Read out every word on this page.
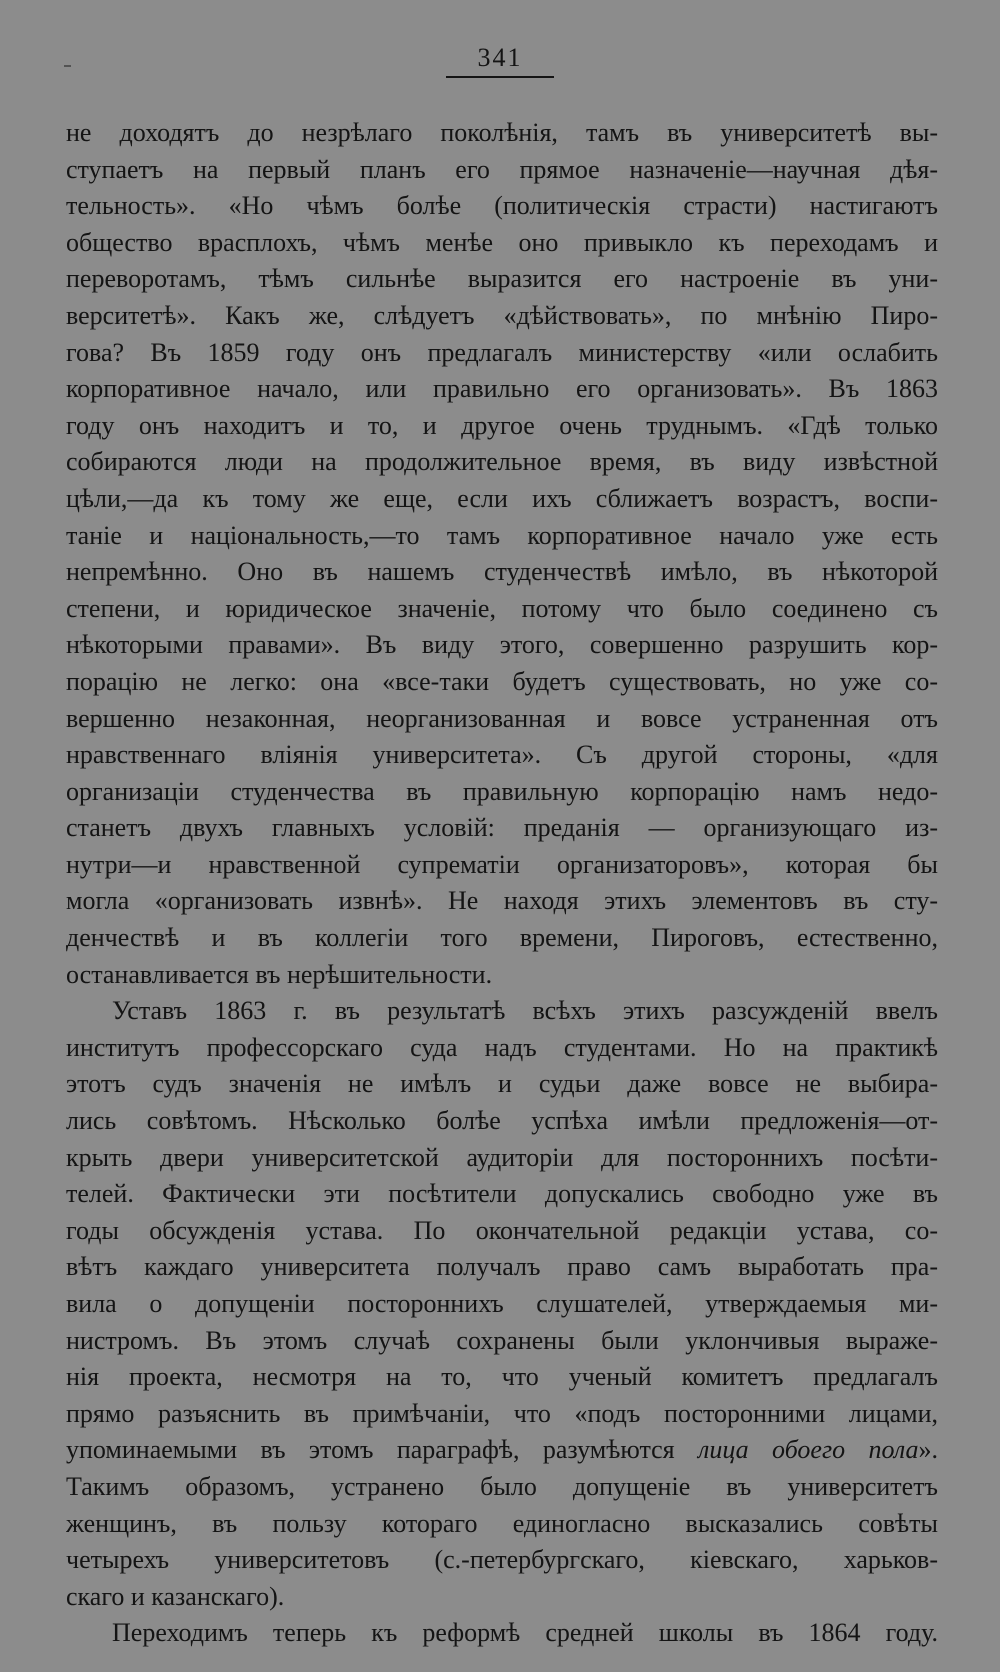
341
не доходятъ до незрѣлаго поколѣнія, тамъ въ университетѣ вы-
ступаетъ на первый планъ его прямое назначеніе—научная дѣя-
тельность». «Но чѣмъ болѣе (политическія страсти) настигаютъ
общество врасплохъ, чѣмъ менѣе оно привыкло къ переходамъ и
переворотамъ, тѣмъ сильнѣе выразится его настроеніе въ уни-
верситетѣ». Какъ же, слѣдуетъ «дѣйствовать», по мнѣнію Пиро-
гова? Въ 1859 году онъ предлагалъ министерству «или ослабить
корпоративное начало, или правильно его организовать». Въ 1863
году онъ находитъ и то, и другое очень труднымъ. «Гдѣ только
собираются люди на продолжительное время, въ виду извѣстной
цѣли,—да къ тому же еще, если ихъ сближаетъ возрастъ, воспи-
таніе и національность,—то тамъ корпоративное начало уже есть
непремѣнно. Оно въ нашемъ студенчествѣ имѣло, въ нѣкоторой
степени, и юридическое значеніе, потому что было соединено съ
нѣкоторыми правами». Въ виду этого, совершенно разрушить кор-
порацію не легко: она «все-таки будетъ существовать, но уже со-
вершенно незаконная, неорганизованная и вовсе устраненная отъ
нравственнаго вліянія университета». Съ другой стороны, «для
организаціи студенчества въ правильную корпорацію намъ недо-
станетъ двухъ главныхъ условій: преданія — организующаго из-
нутри—и нравственной супрематіи организаторовъ», которая бы
могла «организовать извнѣ». Не находя этихъ элементовъ въ сту-
денчествѣ и въ коллегіи того времени, Пироговъ, естественно,
останавливается въ нерѣшительности.
Уставъ 1863 г. въ результатѣ всѣхъ этихъ разсужденій ввелъ
институтъ профессорскаго суда надъ студентами. Но на практикѣ
этотъ судъ значенія не имѣлъ и судьи даже вовсе не выбира-
лись совѣтомъ. Нѣсколько болѣе успѣха имѣли предложенія—от-
крыть двери университетской аудиторіи для постороннихъ посѣти-
телей. Фактически эти посѣтители допускались свободно уже въ
годы обсужденія устава. По окончательной редакціи устава, со-
вѣтъ каждаго университета получалъ право самъ выработать пра-
вила о допущеніи постороннихъ слушателей, утверждаемыя ми-
нистромъ. Въ этомъ случаѣ сохранены были уклончивыя выраже-
нія проекта, несмотря на то, что ученый комитетъ предлагалъ
прямо разъяснить въ примѣчаніи, что «подъ посторонними лицами,
упоминаемыми въ этомъ параграфѣ, разумѣются лица обоего пола».
Такимъ образомъ, устранено было допущеніе въ университетъ
женщинъ, въ пользу котораго единогласно высказались совѣты
четырехъ университетовъ (с.-петербургскаго, кіевскаго, харьков-
скаго и казанскаго).
Переходимъ теперь къ реформѣ средней школы въ 1864 году.
